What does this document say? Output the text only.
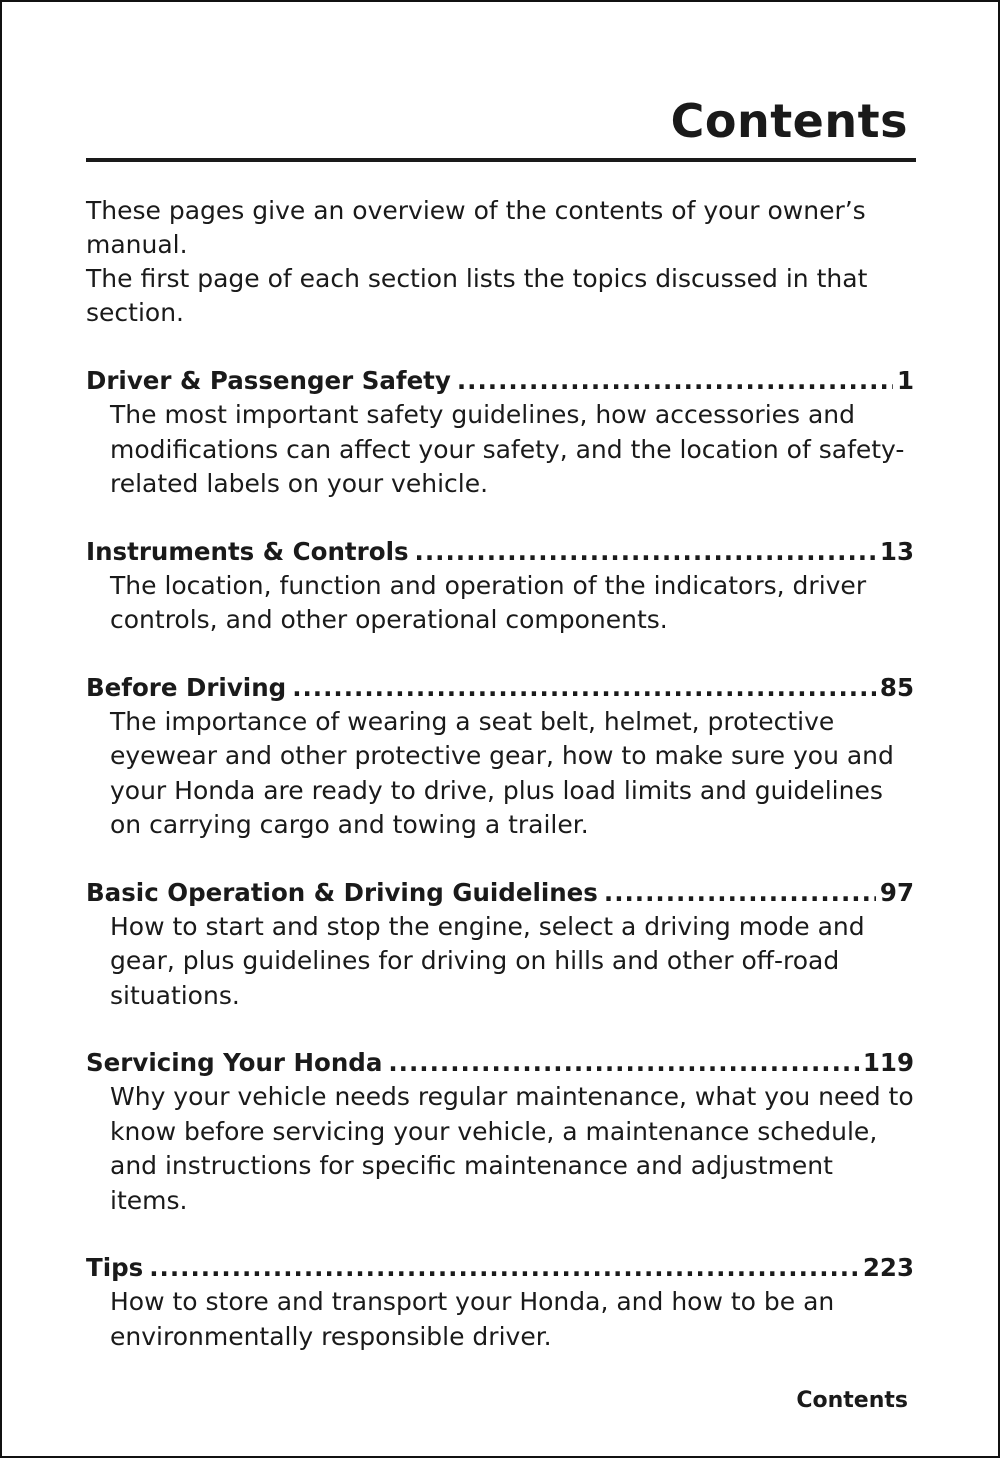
Contents

These pages give an overview of the contents of your owner’s manual.

The first page of each section lists the topics discussed in that section.

Driver & Passenger Safety .....	1

The most important safety guidelines, how accessories and modifications can affect your safety, and the location of safety-related labels on your vehicle.

Instruments & Controls .....	13

The location, function and operation of the indicators, driver controls, and other operational components.

Before Driving .....	85

The importance of wearing a seat belt, helmet, protective eyewear and other protective gear, how to make sure you and your Honda are ready to drive, plus load limits and guidelines on carrying cargo and towing a trailer.

Basic Operation & Driving Guidelines .....	97

How to start and stop the engine, select a driving mode and gear, plus guidelines for driving on hills and other off-road situations.

Servicing Your Honda .....	119

Why your vehicle needs regular maintenance, what you need to know before servicing your vehicle, a maintenance schedule, and instructions for specific maintenance and adjustment items.

Tips .....	223

How to store and transport your Honda, and how to be an environmentally responsible driver.

Contents
